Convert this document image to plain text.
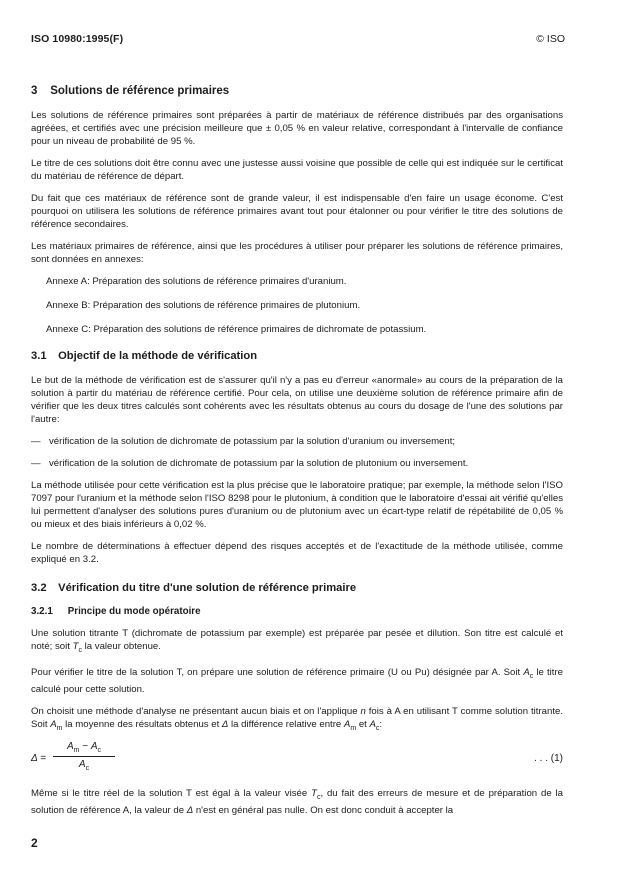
ISO 10980:1995(F)	© ISO
3 Solutions de référence primaires

Les solutions de référence primaires sont préparées à partir de matériaux de référence distribués par des organisations agréées, et certifiés avec une précision meilleure que ± 0,05 % en valeur relative, correspondant à l'intervalle de confiance pour un niveau de probabilité de 95 %.

Le titre de ces solutions doit être connu avec une justesse aussi voisine que possible de celle qui est indiquée sur le certificat du matériau de référence de départ.

Du fait que ces matériaux de référence sont de grande valeur, il est indispensable d'en faire un usage économe. C'est pourquoi on utilisera les solutions de référence primaires avant tout pour étalonner ou pour vérifier le titre des solutions de référence secondaires.

Les matériaux primaires de référence, ainsi que les procédures à utiliser pour préparer les solutions de référence primaires, sont données en annexes:

Annexe A: Préparation des solutions de référence primaires d'uranium.
Annexe B: Préparation des solutions de référence primaires de plutonium.
Annexe C: Préparation des solutions de référence primaires de dichromate de potassium.
3.1 Objectif de la méthode de vérification

Le but de la méthode de vérification est de s'assurer qu'il n'y a pas eu d'erreur «anormale» au cours de la préparation de la solution à partir du matériau de référence certifié. Pour cela, on utilise une deuxième solution de référence primaire afin de vérifier que les deux titres calculés sont cohérents avec les résultats obtenus au cours du dosage de l'une des solutions par l'autre:

— vérification de la solution de dichromate de potassium par la solution d'uranium ou inversement;
— vérification de la solution de dichromate de potassium par la solution de plutonium ou inversement.

La méthode utilisée pour cette vérification est la plus précise que le laboratoire pratique; par exemple, la méthode selon l'ISO 7097 pour l'uranium et la méthode selon l'ISO 8298 pour le plutonium, à condition que le laboratoire d'essai ait vérifié qu'elles lui permettent d'analyser des solutions pures d'uranium ou de plutonium avec un écart-type relatif de répétabilité de 0,05 % ou mieux et des biais inférieurs à 0,02 %.

Le nombre de déterminations à effectuer dépend des risques acceptés et de l'exactitude de la méthode utilisée, comme expliqué en 3.2.

3.2 Vérification du titre d'une solution de référence primaire
3.2.1 Principe du mode opératoire

Une solution titrante T (dichromate de potassium par exemple) est préparée par pesée et dilution. Son titre est calculé et noté; soit $T_c$ la valeur obtenue.

Pour vérifier le titre de la solution T, on prépare une solution de référence primaire (U ou Pu) désignée par A. Soit $A_c$ le titre calculé pour cette solution.

On choisit une méthode d'analyse ne présentant aucun biais et on l'applique n fois à A en utilisant T comme solution titrante. Soit $A_m$ la moyenne des résultats obtenus et Δ la différence relative entre $A_m$ et $A_c$:

$\Delta = \frac{A_m - A_c}{A_c}$	. . . (1)

Même si le titre réel de la solution T est égal à la valeur visée $T_c$, du fait des erreurs de mesure et de préparation de la solution de référence A, la valeur de Δ n'est en général pas nulle. On est donc conduit à accepter la

2
